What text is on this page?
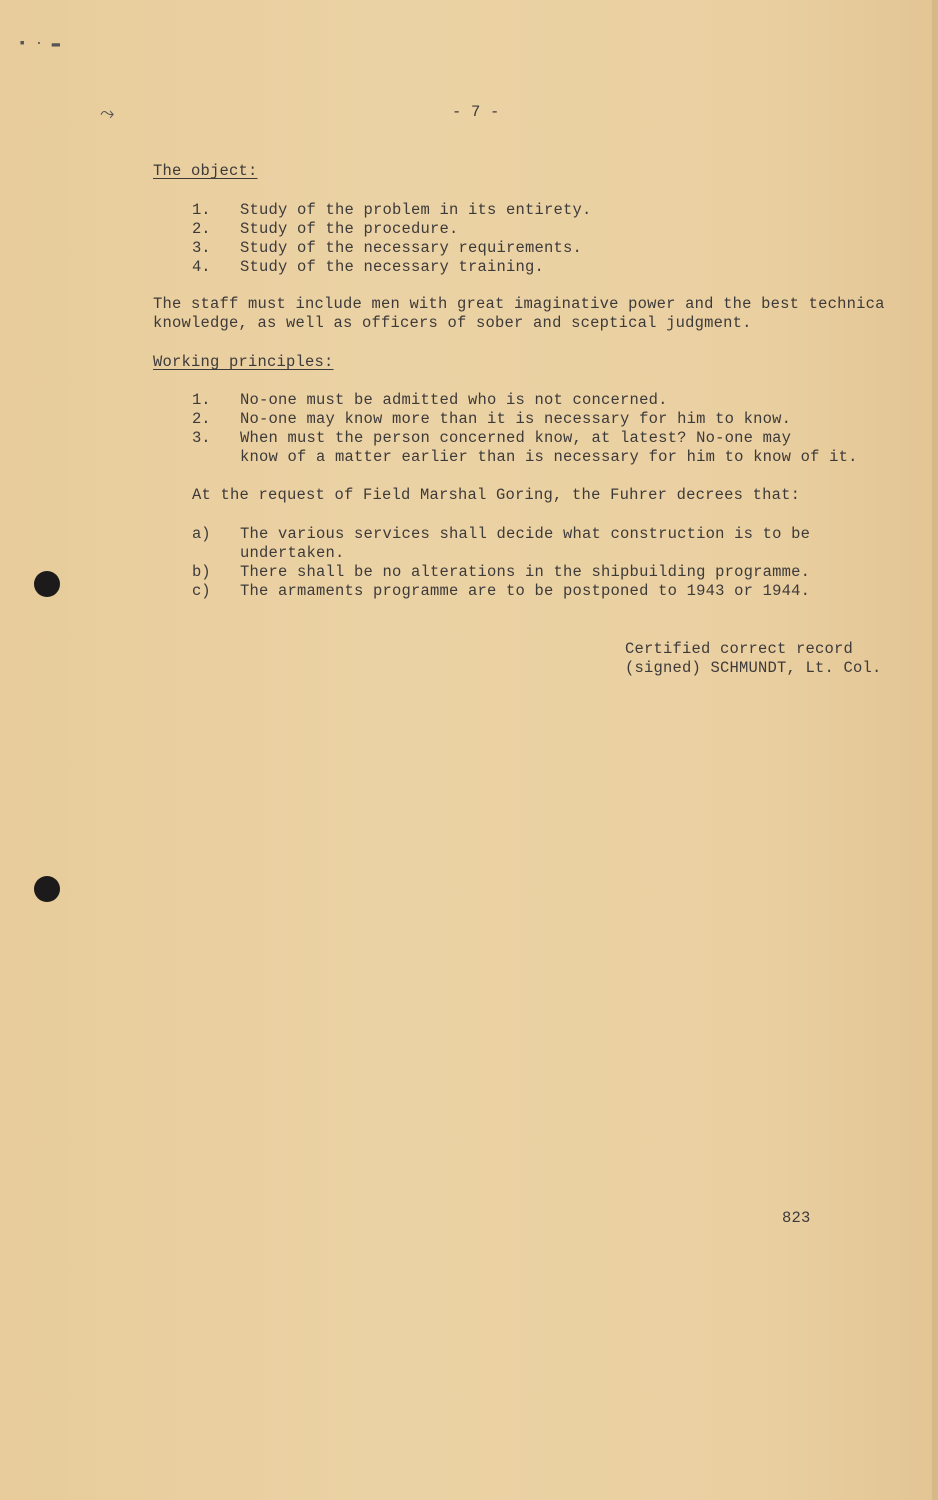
▪ · ▬
⤳	- 7 -
The object:
1. Study of the problem in its entirety.
2. Study of the procedure.
3. Study of the necessary requirements.
4. Study of the necessary training.
The staff must include men with great imaginative power and the best technica
knowledge, as well as officers of sober and sceptical judgment.
Working principles:
1. No-one must be admitted who is not concerned.
2. No-one may know more than it is necessary for him to know.
3. When must the person concerned know, at latest? No-one may
know of a matter earlier than is necessary for him to know of it.
At the request of Field Marshal Goring, the Fuhrer decrees that:
a) The various services shall decide what construction is to be
undertaken.
b) There shall be no alterations in the shipbuilding programme.
c) The armaments programme are to be postponed to 1943 or 1944.
Certified correct record
(signed) SCHMUNDT, Lt. Col.
823
